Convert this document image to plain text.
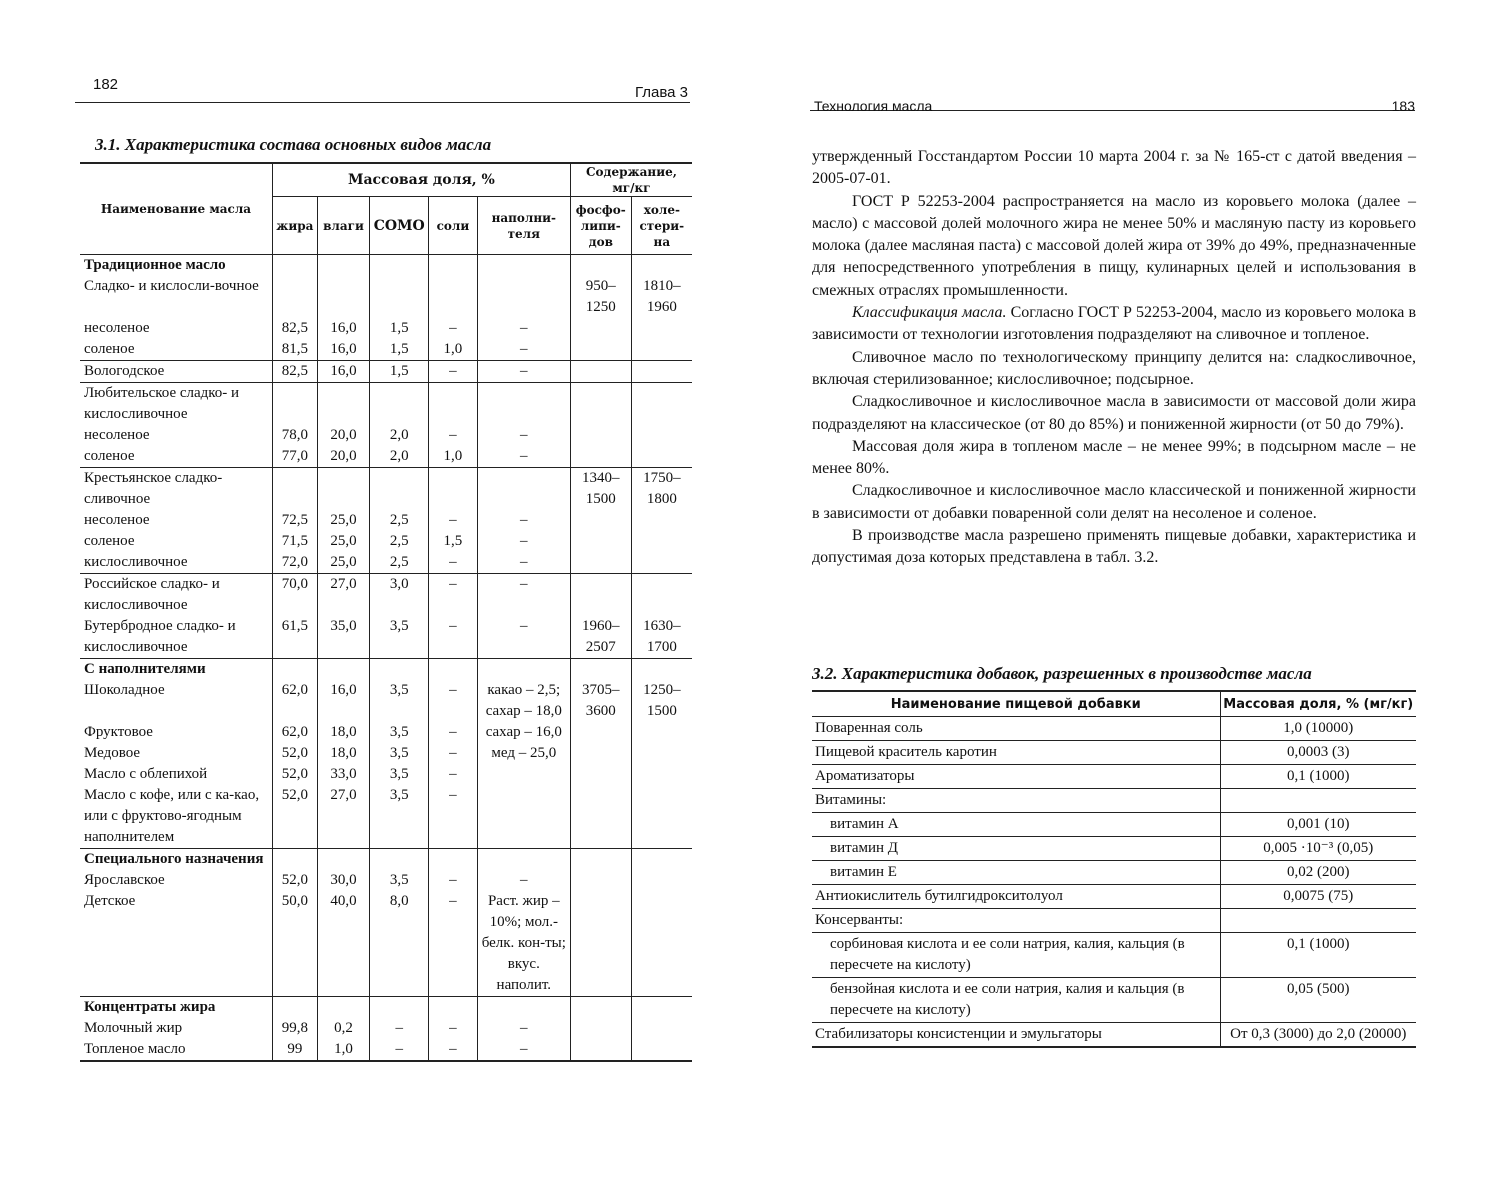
182	Глава 3
3.1. Характеристика состава основных видов масла
Наименование масла	Массовая доля, %					Содержание, мг/кг	
	жира	влаги	СОМО	соли	наполни-теля	фосфо-липи-дов	холе-стери-на
Традиционное масло							
Сладко- и кислосли-вочное						950–1250	1810–1960
несоленое	82,5	16,0	1,5	–	–		
соленое	81,5	16,0	1,5	1,0	–		
Вологодское	82,5	16,0	1,5	–	–		
Любительское сладко- и кислосливочное							
несоленое	78,0	20,0	2,0	–	–		
соленое	77,0	20,0	2,0	1,0	–		
Крестьянское сладко-сливочное						1340–1500	1750–1800
несоленое	72,5	25,0	2,5	–	–		
соленое	71,5	25,0	2,5	1,5	–		
кислосливочное	72,0	25,0	2,5	–	–		
Российское сладко- и кислосливочное	70,0	27,0	3,0	–	–		
Бутербродное сладко- и кислосливочное	61,5	35,0	3,5	–	–	1960–2507	1630–1700
С наполнителями							
Шоколадное	62,0	16,0	3,5	–	какао – 2,5; сахар – 18,0	3705–3600	1250–1500
Фруктовое	62,0	18,0	3,5	–	сахар – 16,0		
Медовое	52,0	18,0	3,5	–	мед – 25,0		
Масло с облепихой	52,0	33,0	3,5	–			
Масло с кофе, или с ка-као, или с фруктово-ягодным наполнителем	52,0	27,0	3,5	–			
Специального назначения							
Ярославское	52,0	30,0	3,5	–	–		
Детское	50,0	40,0	8,0	–	Раст. жир – 10%; мол.-белк. кон-ты; вкус. наполит.		
Концентраты жира							
Молочный жир	99,8	0,2	–	–	–		
Топленое масло	99	1,0	–	–	–		
Технология масла	183

утвержденный Госстандартом России 10 марта 2004 г. за № 165-ст с датой введения – 2005-07-01.

ГОСТ Р 52253-2004 распространяется на масло из коровьего молока (далее – масло) с массовой долей молочного жира не менее 50% и масляную пасту из коровьего молока (далее масляная паста) с массовой долей жира от 39% до 49%, предназначенные для непосредственного употребления в пищу, кулинарных целей и использования в смежных отраслях промышленности.

Классификация масла. Согласно ГОСТ Р 52253-2004, масло из коровьего молока в зависимости от технологии изготовления подразделяют на сливочное и топленое.

Сливочное масло по технологическому принципу делится на: сладкосливочное, включая стерилизованное; кислосливочное; подсырное.

Сладкосливочное и кислосливочное масла в зависимости от массовой доли жира подразделяют на классическое (от 80 до 85%) и пониженной жирности (от 50 до 79%).

Массовая доля жира в топленом масле – не менее 99%; в подсырном масле – не менее 80%.

Сладкосливочное и кислосливочное масло классической и пониженной жирности в зависимости от добавки поваренной соли делят на несоленое и соленое.

В производстве масла разрешено применять пищевые добавки, характеристика и допустимая доза которых представлена в табл. 3.2.

3.2. Характеристика добавок, разрешенных в производстве масла
Наименование пищевой добавки	Массовая доля, % (мг/кг)
Поваренная соль	1,0 (10000)
Пищевой краситель каротин	0,0003 (3)
Ароматизаторы	0,1 (1000)
Витамины:	
витамин А	0,001 (10)
витамин Д	0,005 ·10⁻³ (0,05)
витамин Е	0,02 (200)
Антиокислитель бутилгидрокситолуол	0,0075 (75)
Консерванты:	
сорбиновая кислота и ее соли натрия, калия, кальция (в пересчете на кислоту)	0,1 (1000)
бензойная кислота и ее соли натрия, калия и кальция (в пересчете на кислоту)	0,05 (500)
Стабилизаторы консистенции и эмульгаторы	От 0,3 (3000) до 2,0 (20000)
